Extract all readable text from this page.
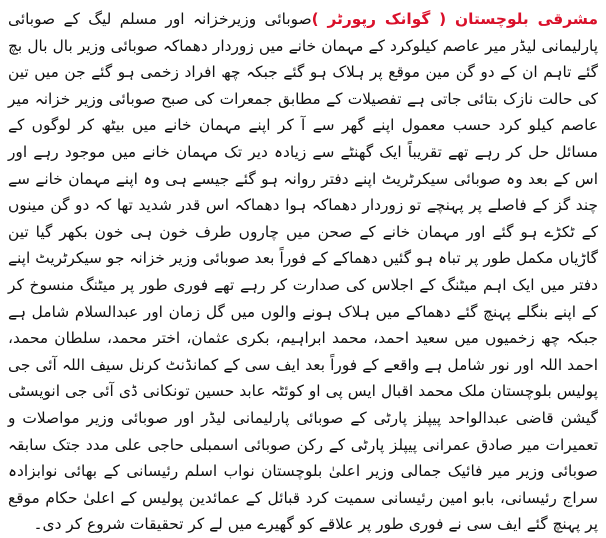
مشرقی بلوچستان ( گوانک رپورٹر )صوبائی وزیرخزانہ اور مسلم لیگ کے صوبائی پارلیمانی لیڈر میر عاصم کیلوکرد کے مہمان خانے میں زوردار دھماکہ صوبائی وزیر بال بال بچ گئے تاہم ان کے دو گن مین موقع پر ہلاک ہو گئے جبکہ چھ افراد زخمی ہو گئے جن میں تین کی حالت نازک بتائی جاتی ہے تفصیلات کے مطابق جمعرات کی صبح صوبائی وزیر خزانہ میر عاصم کیلو کرد حسب معمول اپنے گھر سے آ کر اپنے مہمان خانے میں بیٹھ کر لوگوں کے مسائل حل کر رہے تھے تقریباً ایک گھنٹے سے زیادہ دیر تک مہمان خانے میں موجود رہے اور اس کے بعد وہ صوبائی سیکرٹریٹ اپنے دفتر روانہ ہو گئے جیسے ہی وہ اپنے مہمان خانے سے چند گز کے فاصلے پر پہنچے تو زوردار دھماکہ ہوا دھماکہ اس قدر شدید تھا کہ دو گن مینوں کے ٹکڑے ہو گئے اور مہمان خانے کے صحن میں چاروں طرف خون ہی خون بکھر گیا تین گاڑیاں مکمل طور پر تباہ ہو گئیں دھماکے کے فوراً بعد صوبائی وزیر خزانہ جو سیکرٹریٹ اپنے دفتر میں ایک اہم میٹنگ کے اجلاس کی صدارت کر رہے تھے فوری طور پر میٹنگ منسوخ کر کے اپنے بنگلے پہنچ گئے دھماکے میں ہلاک ہونے والوں میں گل زمان اور عبدالسلام شامل ہے جبکہ چھ زخمیوں میں سعید احمد، محمد ابراہیم، بکری عثمان، اختر محمد، سلطان محمد، احمد اللہ اور نور شامل ہے واقعے کے فوراً بعد ایف سی کے کمانڈنٹ کرنل سیف اللہ آئی جی پولیس بلوچستان ملک محمد اقبال ایس پی او کوئٹہ عابد حسین تونکانی ڈی آئی جی انویسٹی گیشن قاضی عبدالواحد پیپلز پارٹی کے صوبائی پارلیمانی لیڈر اور صوبائی وزیر مواصلات و تعمیرات میر صادق عمرانی پیپلز پارٹی کے رکن صوبائی اسمبلی حاجی علی مدد جتک سابقہ صوبائی وزیر میر فائیک جمالی وزیر اعلیٰ بلوچستان نواب اسلم رئیسانی کے بھائی نوابزادہ سراج رئیسانی، بابو امین رئیسانی سمیت کرد قبائل کے عمائدین پولیس کے اعلیٰ حکام موقع پر پہنچ گئے ایف سی نے فوری طور پر علاقے کو گھیرے میں لے کر تحقیقات شروع کر دی۔
